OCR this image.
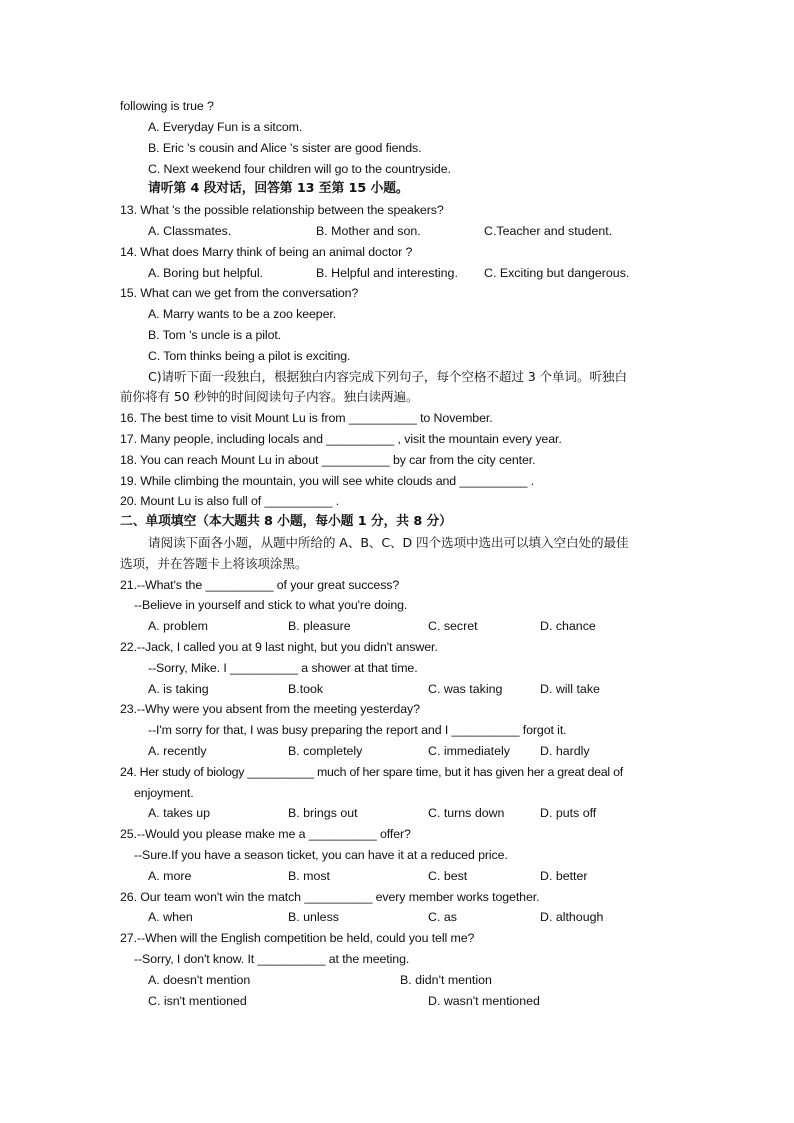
following is true ?
A. Everyday Fun is a sitcom.
B. Eric 's cousin and Alice 's sister are good fiends.
C. Next weekend four children will go to the countryside.
请听第 4 段对话，回答第 13 至第 15 小题。
13. What 's the possible relationship between the speakers?
A. Classmates.	B. Mother and son.	C.Teacher and student.
14. What does Marry think of being an animal doctor ?
A. Boring but helpful.	B. Helpful and interesting. C. Exciting but dangerous.
15. What can we get from the conversation?
A. Marry wants to be a zoo keeper.
B. Tom 's uncle is a pilot.
C. Tom thinks being a pilot is exciting.
C)请听下面一段独白，根据独白内容完成下列句子，每个空格不超过 3 个单词。听独白
前你将有 50 秒钟的时间阅读句子内容。独白读两遍。
16. The best time to visit Mount Lu is from __________ to November.
17. Many people, including locals and __________ , visit the mountain every year.
18. You can reach Mount Lu in about __________ by car from the city center.
19. While climbing the mountain, you will see white clouds and __________ .
20. Mount Lu is also full of __________ .
二、单项填空（本大题共 8 小题，每小题 1 分，共 8 分）
请阅读下面各小题，从题中所给的 A、B、C、D 四个选项中选出可以填入空白处的最佳
选项，并在答题卡上将该项涂黑。
21.--What's the __________ of your great success?
--Believe in yourself and stick to what you're doing.
A. problem	B. pleasure	C. secret	D. chance
22.--Jack, I called you at 9 last night, but you didn't answer.
--Sorry, Mike. I __________ a shower at that time.
A. is taking	B.took	C. was taking	D. will take
23.--Why were you absent from the meeting yesterday?
--I'm sorry for that, I was busy preparing the report and I __________ forgot it.
A. recently	B. completely	C. immediately D. hardly
24. Her study of biology __________ much of her spare time, but it has given her a great deal of
enjoyment.
A. takes up	B. brings out	C. turns down	D. puts off
25.--Would you please make me a __________ offer?
--Sure.If you have a season ticket, you can have it at a reduced price.
A. more	B. most	C. best	D. better
26. Our team won't win the match __________ every member works together.
A. when	B. unless	C. as	D. although
27.--When will the English competition be held, could you tell me?
--Sorry, I don't know. It __________ at the meeting.
A. doesn't mention	B. didn't mention
C. isn't mentioned	D. wasn't mentioned
